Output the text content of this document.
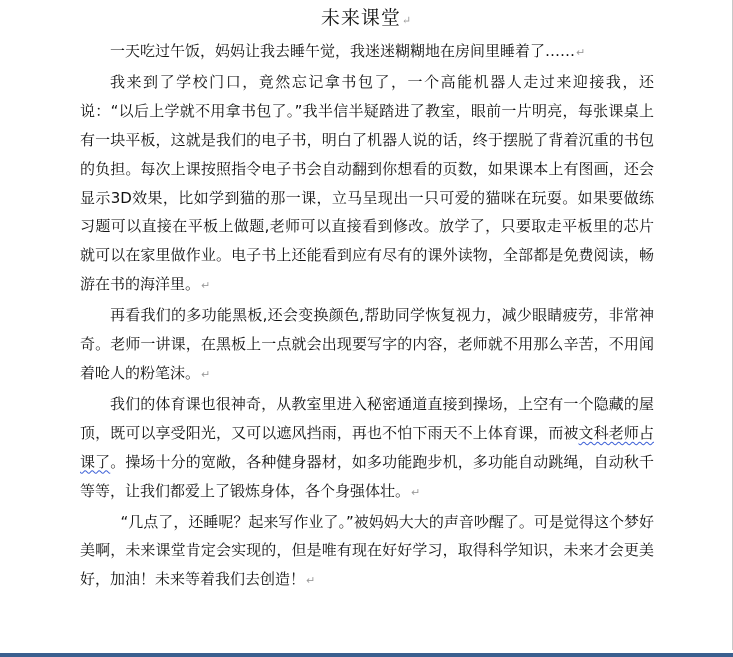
未来课堂↵

一天吃过午饭，妈妈让我去睡午觉，我迷迷糊糊地在房间里睡着了……↵

我来到了学校门口，竟然忘记拿书包了，一个高能机器人走过来迎接我，还说：“以后上学就不用拿书包了。”我半信半疑踏进了教室，眼前一片明亮，每张课桌上有一块平板，这就是我们的电子书，明白了机器人说的话，终于摆脱了背着沉重的书包的负担。每次上课按照指令电子书会自动翻到你想看的页数，如果课本上有图画，还会显示3D效果，比如学到猫的那一课，立马呈现出一只可爱的猫咪在玩耍。如果要做练习题可以直接在平板上做题,老师可以直接看到修改。放学了，只要取走平板里的芯片就可以在家里做作业。电子书上还能看到应有尽有的课外读物，全部都是免费阅读，畅游在书的海洋里。↵

再看我们的多功能黑板,还会变换颜色,帮助同学恢复视力，减少眼睛疲劳，非常神奇。老师一讲课，在黑板上一点就会出现要写字的内容，老师就不用那么辛苦，不用闻着呛人的粉笔沫。↵

我们的体育课也很神奇，从教室里进入秘密通道直接到操场，上空有一个隐藏的屋顶，既可以享受阳光，又可以遮风挡雨，再也不怕下雨天不上体育课，而被文科老师占课了。操场十分的宽敞，各种健身器材，如多功能跑步机，多功能自动跳绳，自动秋千等等，让我们都爱上了锻炼身体，各个身强体壮。↵

“几点了，还睡呢？起来写作业了。”被妈妈大大的声音吵醒了。可是觉得这个梦好美啊，未来课堂肯定会实现的，但是唯有现在好好学习，取得科学知识，未来才会更美好，加油！未来等着我们去创造！↵
